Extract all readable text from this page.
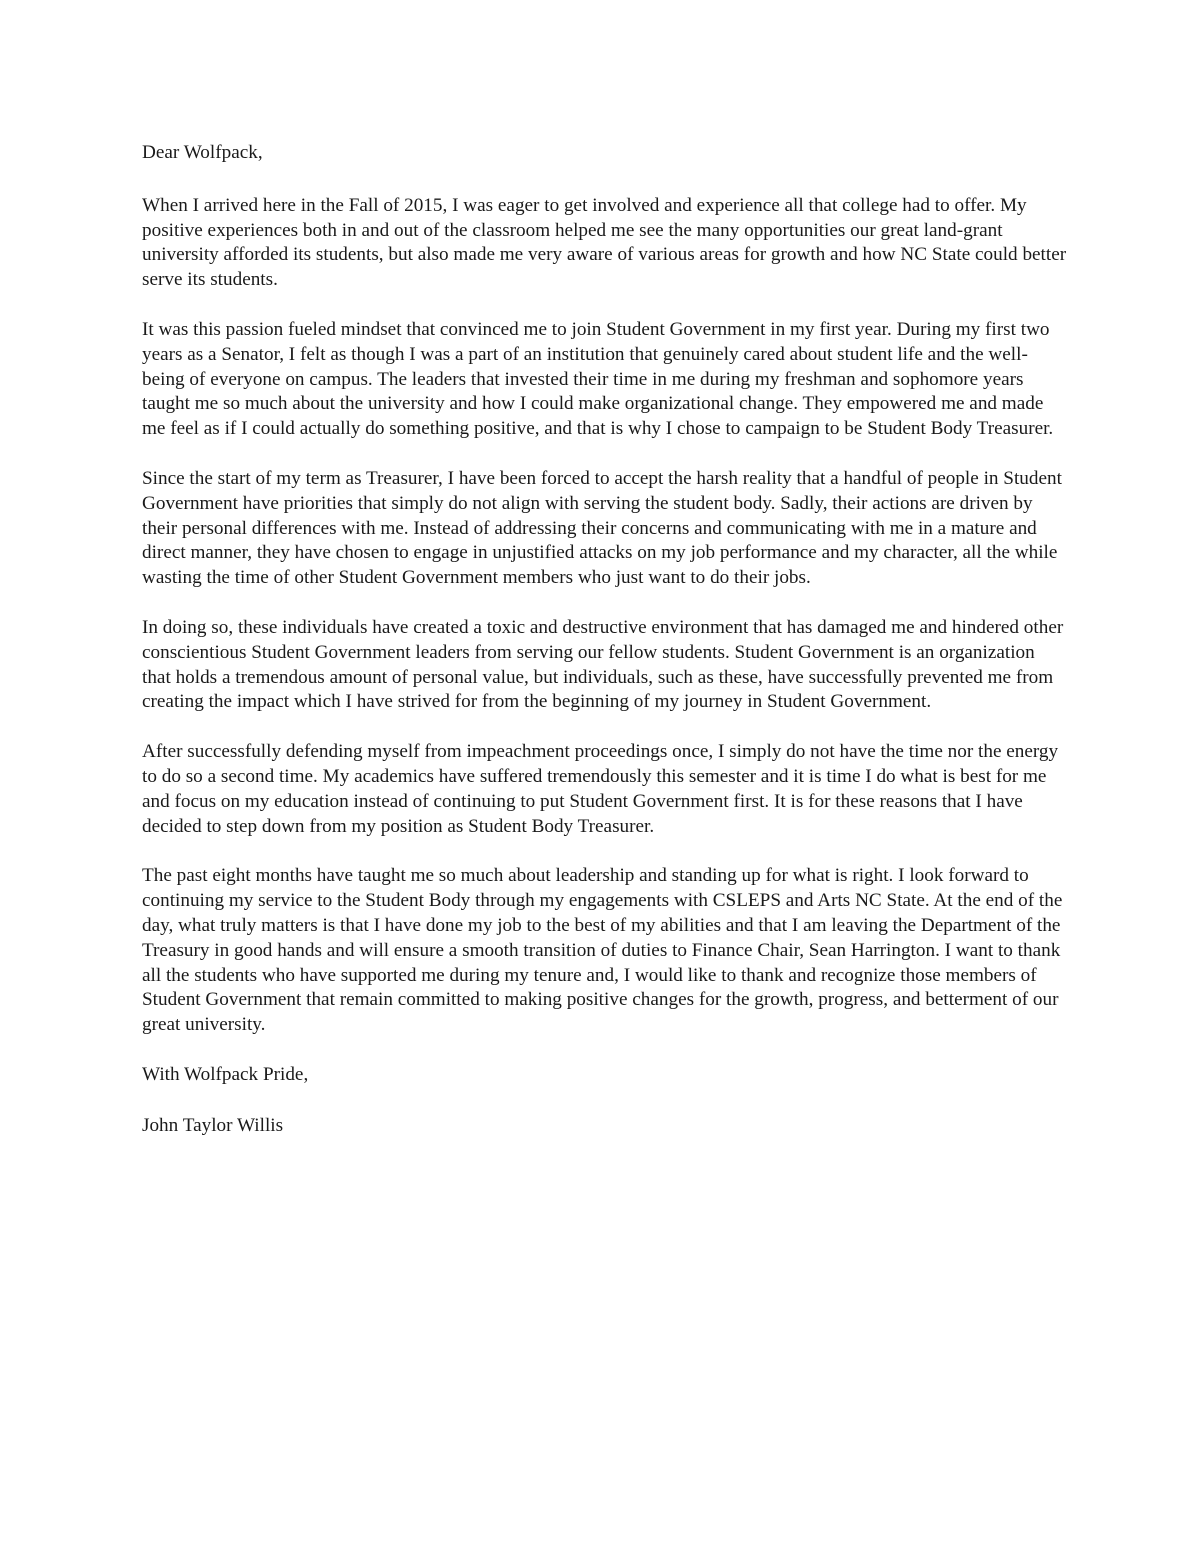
Dear Wolfpack,

When I arrived here in the Fall of 2015, I was eager to get involved and experience all that college had to offer. My positive experiences both in and out of the classroom helped me see the many opportunities our great land-grant university afforded its students, but also made me very aware of various areas for growth and how NC State could better serve its students.

It was this passion fueled mindset that convinced me to join Student Government in my first year. During my first two years as a Senator, I felt as though I was a part of an institution that genuinely cared about student life and the well-being of everyone on campus. The leaders that invested their time in me during my freshman and sophomore years taught me so much about the university and how I could make organizational change. They empowered me and made me feel as if I could actually do something positive, and that is why I chose to campaign to be Student Body Treasurer.

Since the start of my term as Treasurer, I have been forced to accept the harsh reality that a handful of people in Student Government have priorities that simply do not align with serving the student body. Sadly, their actions are driven by their personal differences with me. Instead of addressing their concerns and communicating with me in a mature and direct manner, they have chosen to engage in unjustified attacks on my job performance and my character, all the while wasting the time of other Student Government members who just want to do their jobs.

In doing so, these individuals have created a toxic and destructive environment that has damaged me and hindered other conscientious Student Government leaders from serving our fellow students. Student Government is an organization that holds a tremendous amount of personal value, but individuals, such as these, have successfully prevented me from creating the impact which I have strived for from the beginning of my journey in Student Government.

After successfully defending myself from impeachment proceedings once, I simply do not have the time nor the energy to do so a second time. My academics have suffered tremendously this semester and it is time I do what is best for me and focus on my education instead of continuing to put Student Government first. It is for these reasons that I have decided to step down from my position as Student Body Treasurer.

The past eight months have taught me so much about leadership and standing up for what is right. I look forward to continuing my service to the Student Body through my engagements with CSLEPS and Arts NC State. At the end of the day, what truly matters is that I have done my job to the best of my abilities and that I am leaving the Department of the Treasury in good hands and will ensure a smooth transition of duties to Finance Chair, Sean Harrington. I want to thank all the students who have supported me during my tenure and, I would like to thank and recognize those members of Student Government that remain committed to making positive changes for the growth, progress, and betterment of our great university.

With Wolfpack Pride,

John Taylor Willis
